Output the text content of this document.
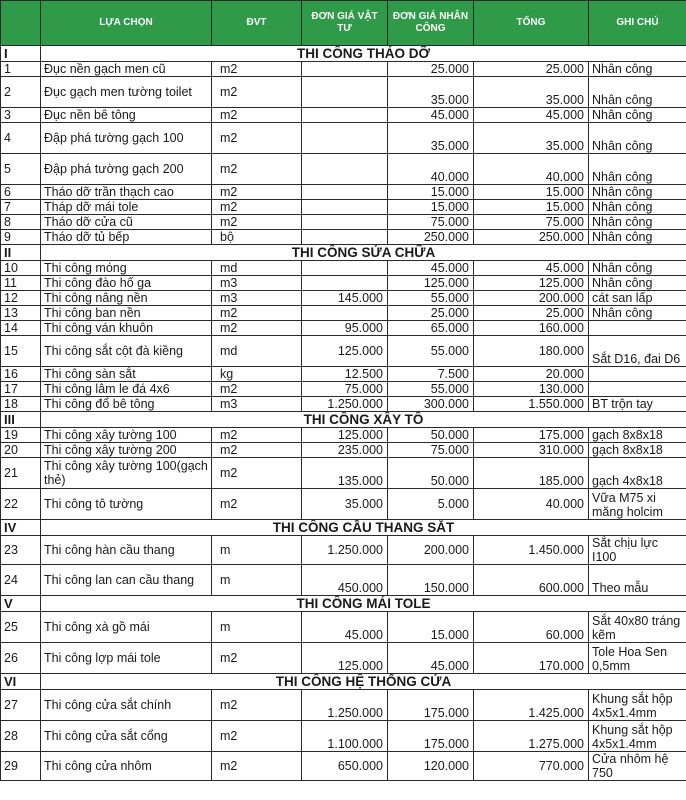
	LỰA CHỌN	ĐVT	ĐƠN GIÁ VẬT TƯ	ĐƠN GIÁ NHÂN CÔNG	TỔNG	GHI CHÚ
I	THI CÔNG THÁO DỠ					
1	Đục nền gạch men cũ	m2		25.000	25.000	Nhân công
2	Đục gạch men tường toilet	m2		35.000	35.000	Nhân công
3	Đục nền bê tông	m2		45.000	45.000	Nhân công
4	Đập phá tường gạch 100	m2		35.000	35.000	Nhân công
5	Đập phá tường gạch 200	m2		40.000	40.000	Nhân công
6	Tháo dỡ trần thạch cao	m2		15.000	15.000	Nhân công
7	Tháp dỡ mái tole	m2		15.000	15.000	Nhân công
8	Tháo dỡ cửa cũ	m2		75.000	75.000	Nhân công
9	Tháo dỡ tủ bếp	bộ		250.000	250.000	Nhân công
II	THI CÔNG SỬA CHỮA					
10	Thi công móng	md		45.000	45.000	Nhân công
11	Thi công đào hố ga	m3		125.000	125.000	Nhân công
12	Thi công nâng nền	m3	145.000	55.000	200.000	cát san lấp
13	Thi công ban nền	m2		25.000	25.000	Nhân công
14	Thi công ván khuôn	m2	95.000	65.000	160.000	
15	Thi công sắt cột đà kiềng	md	125.000	55.000	180.000	Sắt D16, đai D6
16	Thi công sàn sắt	kg	12.500	7.500	20.000	
17	Thi công lâm le đá 4x6	m2	75.000	55.000	130.000	
18	Thi công đổ bê tông	m3	1.250.000	300.000	1.550.000	BT trộn tay
III	THI CÔNG XÂY TÔ					
19	Thi công xây tường 100	m2	125.000	50.000	175.000	gạch 8x8x18
20	Thi công xây tường 200	m2	235.000	75.000	310.000	gạch 8x8x18
21	Thi công xây tường 100(gạch thẻ)	m2	135.000	50.000	185.000	gạch 4x8x18
22	Thi công tô tường	m2	35.000	5.000	40.000	Vữa M75 xi măng holcim
IV	THI CÔNG CẦU THANG SẮT					
23	Thi công hàn cầu thang	m	1.250.000	200.000	1.450.000	Sắt chịu lực I100
24	Thi công lan can cầu thang	m	450.000	150.000	600.000	Theo mẫu
V	THI CÔNG MÁI TOLE					
25	Thi công xà gồ mái	m	45.000	15.000	60.000	Sắt 40x80 tráng kẽm
26	Thi công lợp mái tole	m2	125.000	45.000	170.000	Tole Hoa Sen 0,5mm
VI	THI CÔNG HỆ THỐNG CỬA					
27	Thi công cửa sắt chính	m2	1.250.000	175.000	1.425.000	Khung sắt hộp 4x5x1.4mm
28	Thi công cửa sắt cổng	m2	1.100.000	175.000	1.275.000	Khung sắt hộp 4x5x1.4mm
29	Thi công cửa nhôm	m2	650.000	120.000	770.000	Cửa nhôm hệ 750
